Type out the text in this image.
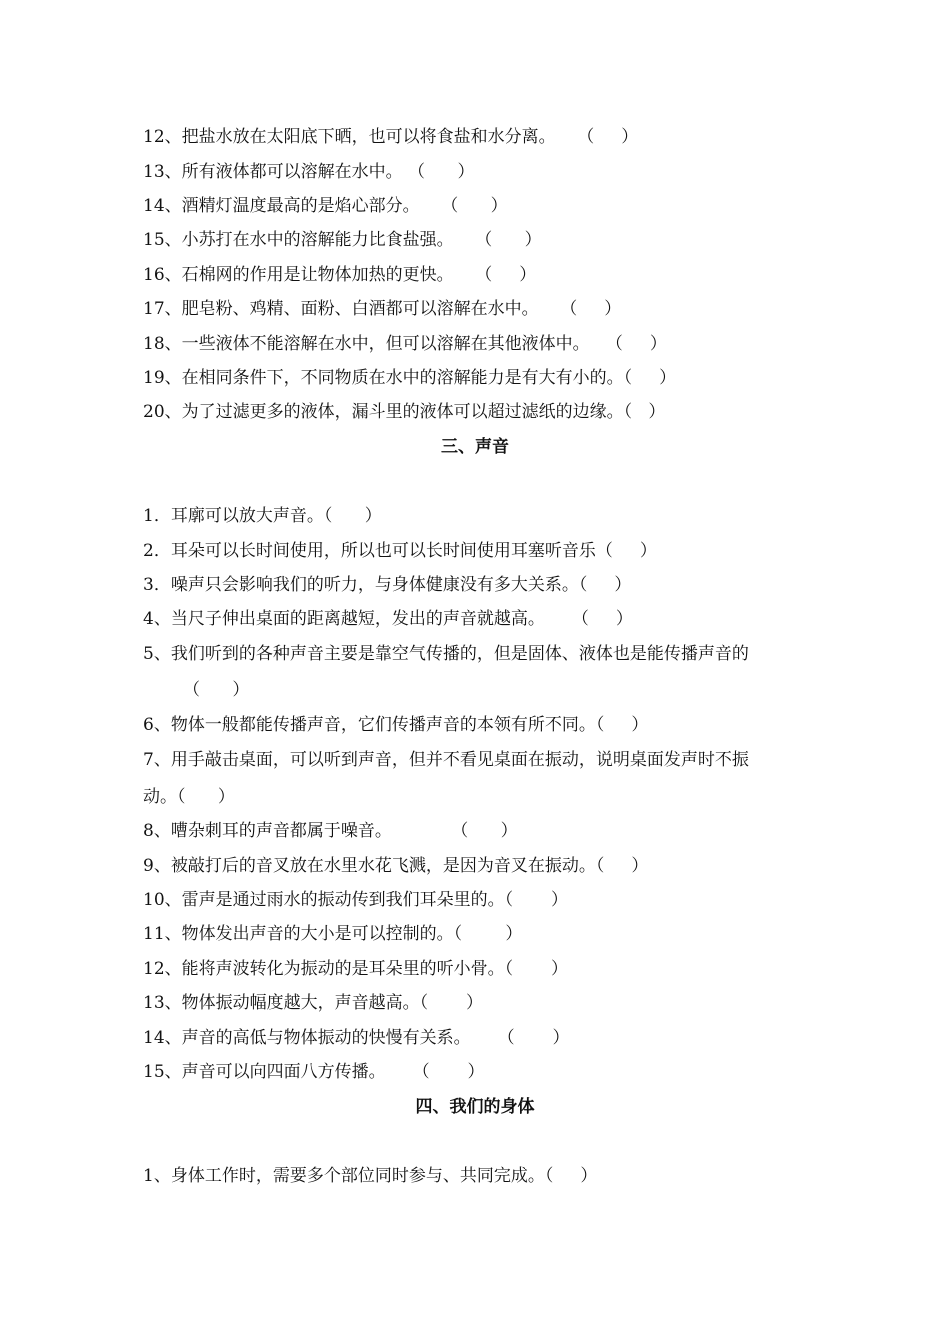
12、把盐水放在太阳底下晒，也可以将食盐和水分离。    （     ）
13、所有液体都可以溶解在水中。 （      ）
14、酒精灯温度最高的是焰心部分。    （      ）
15、小苏打在水中的溶解能力比食盐强。    （      ）
16、石棉网的作用是让物体加热的更快。    （     ）
17、肥皂粉、鸡精、面粉、白酒都可以溶解在水中。    （     ）
18、一些液体不能溶解在水中，但可以溶解在其他液体中。   （     ）
19、在相同条件下，不同物质在水中的溶解能力是有大有小的。（     ）
20、为了过滤更多的液体，漏斗里的液体可以超过滤纸的边缘。（   ）
三、声音
1．耳廓可以放大声音。（      ）
2．耳朵可以长时间使用，所以也可以长时间使用耳塞听音乐（     ）
3．噪声只会影响我们的听力，与身体健康没有多大关系。（     ）
4、当尺子伸出桌面的距离越短，发出的声音就越高。     （     ）
5、我们听到的各种声音主要是靠空气传播的，但是固体、液体也是能传播声音的
（      ）
6、物体一般都能传播声音，它们传播声音的本领有所不同。（     ）
7、用手敲击桌面，可以听到声音，但并不看见桌面在振动，说明桌面发声时不振
动。（      ）
8、嘈杂刺耳的声音都属于噪音。           （      ）
9、被敲打后的音叉放在水里水花飞溅，是因为音叉在振动。（     ）
10、雷声是通过雨水的振动传到我们耳朵里的。（       ）
11、物体发出声音的大小是可以控制的。（        ）
12、能将声波转化为振动的是耳朵里的听小骨。（       ）
13、物体振动幅度越大，声音越高。（       ）
14、声音的高低与物体振动的快慢有关系。     （       ）
15、声音可以向四面八方传播。     （       ）
四、我们的身体
1、身体工作时，需要多个部位同时参与、共同完成。（     ）
